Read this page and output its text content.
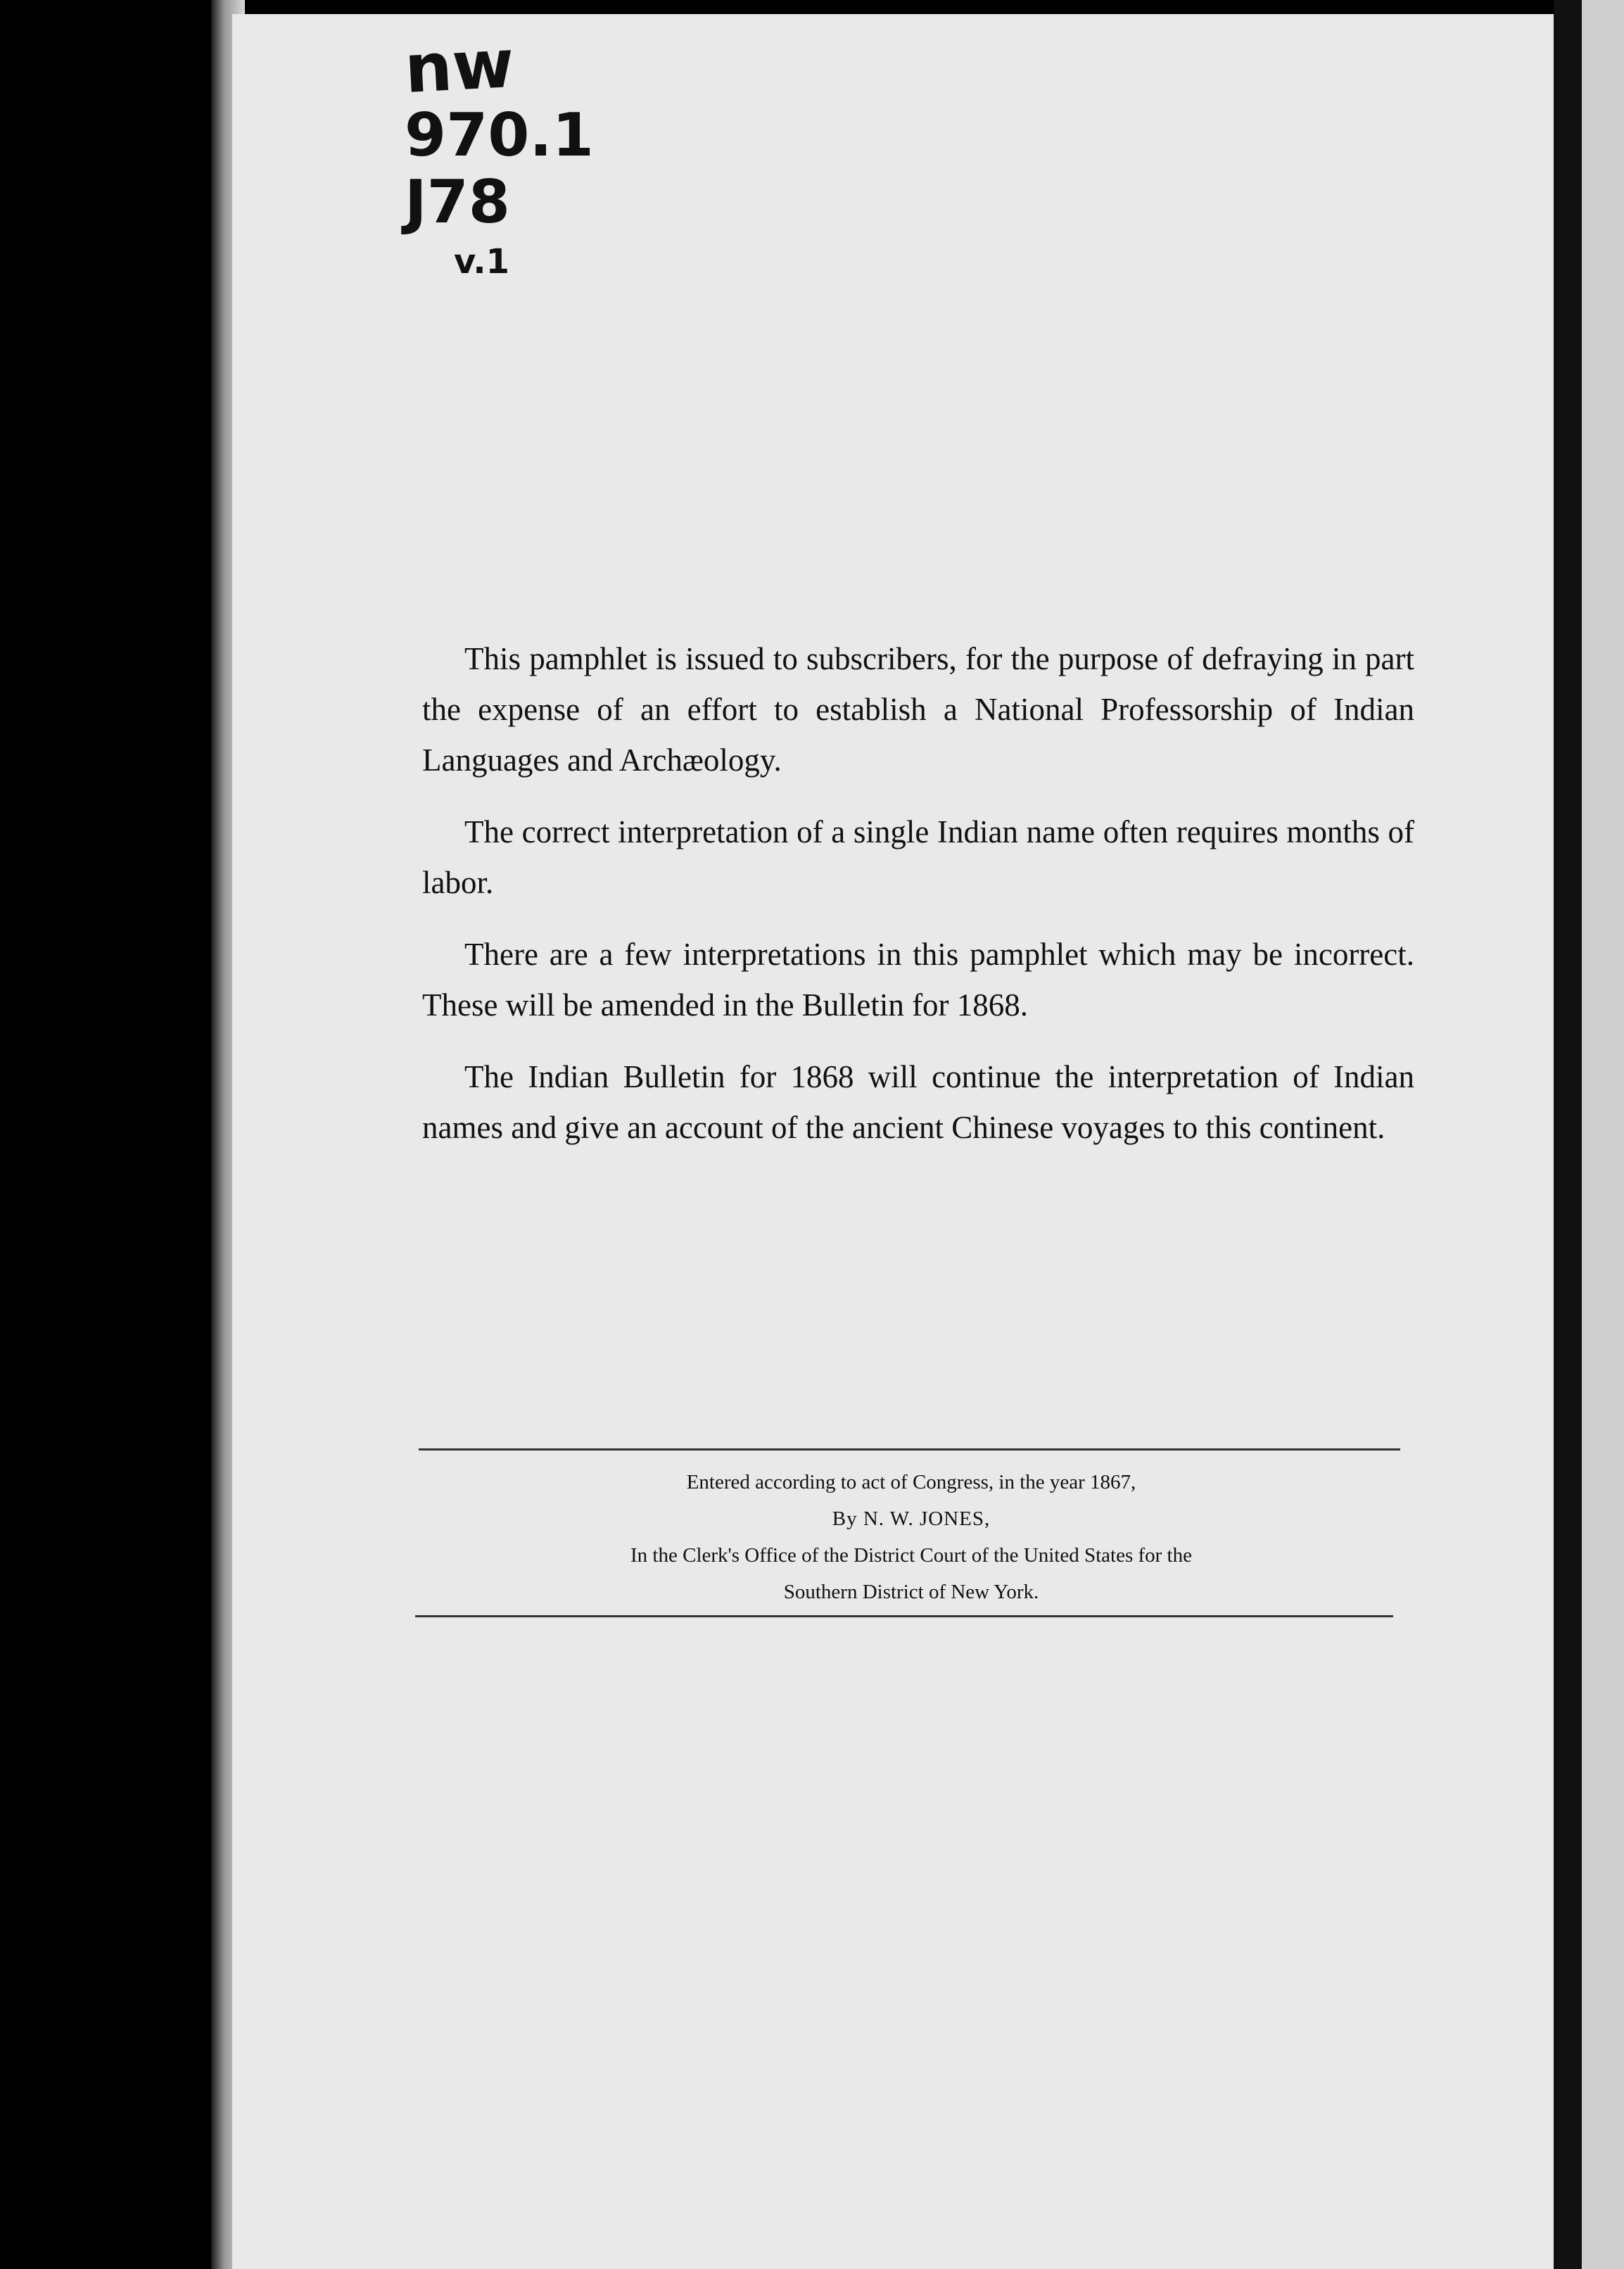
nw
970.1
J78
v.1

This pamphlet is issued to subscribers, for the purpose of defraying in part the expense of an effort to establish a National Professorship of Indian Languages and Archæology.

The correct interpretation of a single Indian name often requires months of labor.

There are a few interpretations in this pamphlet which may be incorrect. These will be amended in the Bulletin for 1868.

The Indian Bulletin for 1868 will continue the interpretation of Indian names and give an account of the ancient Chinese voyages to this continent.

Entered according to act of Congress, in the year 1867,
By N. W. JONES,
In the Clerk's Office of the District Court of the United States for the
Southern District of New York.
